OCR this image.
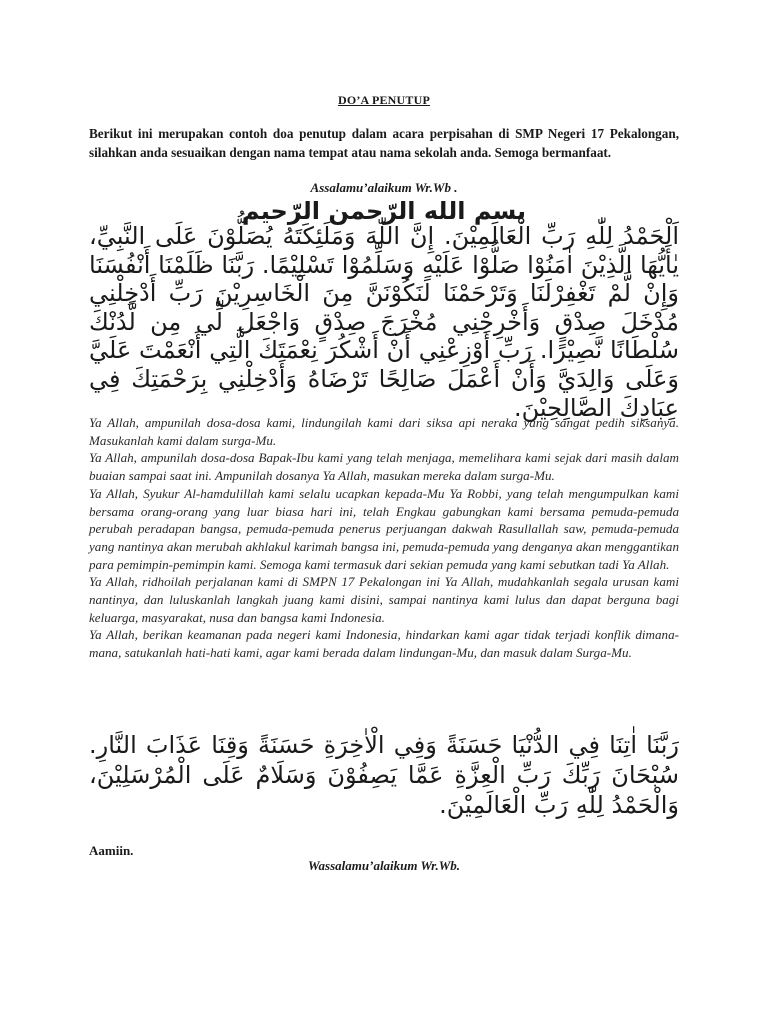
DO’A PENUTUP

Berikut ini merupakan contoh doa penutup dalam acara perpisahan di SMP Negeri 17 Pekalongan, silahkan anda sesuaikan dengan nama tempat atau nama sekolah anda. Semoga bermanfaat.

Assalamu’alaikum Wr.Wb .
بسم الله الرّحمن الرّحيم

اَلْحَمْدُ لِلّٰهِ رَبِّ الْعَالَمِيْنَ. إِنَّ اللّٰهَ وَمَلَئِكَتَهُ يُصَلُّوْنَ عَلَى النَّبِيِّ، يٰأَيُّهَا الَّذِيْنَ اٰمَنُوْا صَلُّوْا عَلَيْهِ وَسَلِّمُوْا تَسْلِيْمًا. رَبَّنَا ظَلَمْنَا أَنْفُسَنَا وَإِنْ لَّمْ تَغْفِرْلَنَا وَتَرْحَمْنَا لَنَكُوْنَنَّ مِنَ الْخَاسِرِيْنَ رَبِّ أَدْخِلْنِي مُدْخَلَ صِدْقٍ وَأَخْرِجْنِي مُخْرَجَ صِدْقٍ وَاجْعَل لِّي مِن لَّدُنْكَ سُلْطَانًا نَّصِيْرًا. رَبِّ أَوْزِعْنِي أَنْ أَشْكُرَ نِعْمَتَكَ الَّتِي أَنْعَمْتَ عَلَيَّ وَعَلَى وَالِدَيَّ وَأَنْ أَعْمَلَ صَالِحًا تَرْضَاهُ وَأَدْخِلْنِي بِرَحْمَتِكَ فِي عِبَادِكَ الصَّالِحِيْنَ.

Ya Allah, ampunilah dosa-dosa kami, lindungilah kami dari siksa api neraka yang sangat pedih siksanya. Masukanlah kami dalam surga-Mu.

Ya Allah, ampunilah dosa-dosa Bapak-Ibu kami yang telah menjaga, memelihara kami sejak dari masih dalam buaian sampai saat ini. Ampunilah dosanya Ya Allah, masukan mereka dalam surga-Mu.

Ya Allah, Syukur Al-hamdulillah kami selalu ucapkan kepada-Mu Ya Robbi, yang telah mengumpulkan kami bersama orang-orang yang luar biasa hari ini, telah Engkau gabungkan kami bersama pemuda-pemuda perubah peradapan bangsa, pemuda-pemuda penerus perjuangan dakwah Rasullallah saw, pemuda-pemuda yang nantinya akan merubah akhlakul karimah bangsa ini, pemuda-pemuda yang denganya akan menggantikan para pemimpin-pemimpin kami. Semoga kami termasuk dari sekian pemuda yang kami sebutkan tadi Ya Allah.

Ya Allah, ridhoilah perjalanan kami di SMPN 17 Pekalongan ini Ya Allah, mudahkanlah segala urusan kami nantinya, dan luluskanlah langkah juang kami disini, sampai nantinya kami lulus dan dapat berguna bagi keluarga, masyarakat, nusa dan bangsa kami Indonesia.

Ya Allah, berikan keamanan pada negeri kami Indonesia, hindarkan kami agar tidak terjadi konflik dimana-mana, satukanlah hati-hati kami, agar kami berada dalam lindungan-Mu, dan masuk dalam Surga-Mu.

رَبَّنَا اٰتِنَا فِي الدُّنْيَا حَسَنَةً وَفِي الْاٰخِرَةِ حَسَنَةً وَقِنَا عَذَابَ النَّارِ. سُبْحَانَ رَبِّكَ رَبِّ الْعِزَّةِ عَمَّا يَصِفُوْنَ وَسَلَامٌ عَلَى الْمُرْسَلِيْنَ، وَالْحَمْدُ لِلّٰهِ رَبِّ الْعَالَمِيْنَ.

Aamiin.
Wassalamu’alaikum Wr.Wb.
